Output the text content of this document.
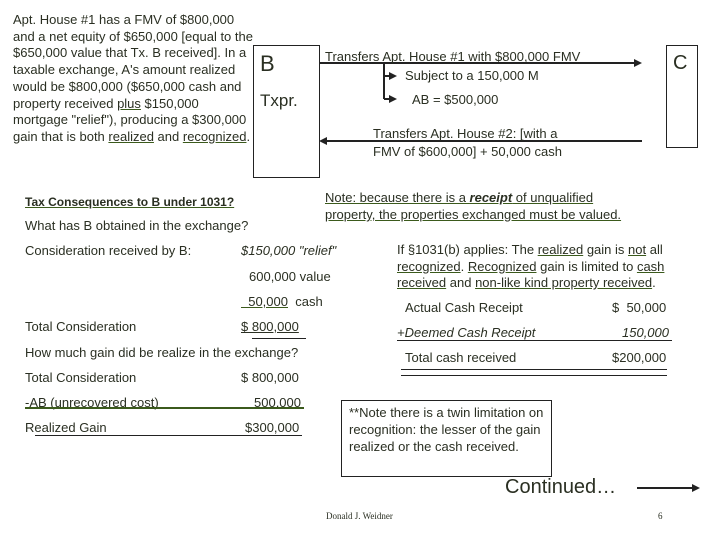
Apt. House #1 has a FMV of $800,000 and a net equity of $650,000 [equal to the $650,000 value that Tx. B received]. In a taxable exchange, A's amount realized would be $800,000 ($650,000 cash and property received plus $150,000 mortgage "relief"), producing a $300,000 gain that is both realized and recognized.
B
Txpr.
C
Transfers Apt. House #1 with $800,000 FMV
Subject to a 150,000 M
AB = $500,000
Transfers Apt. House #2: [with a
FMV of $600,000] + 50,000 cash
Tax Consequences to B under 1031?
What has B obtained in the exchange?
Consideration received by B:	$150,000 "relief"
600,000 value
50,000 cash
Total Consideration	$ 800,000
How much gain did be realize in the exchange?
Total Consideration	$ 800,000
-AB (unrecovered cost)	500,000
Realized Gain	$300,000
Note: because there is a receipt of unqualified
property, the properties exchanged must be valued.
If §1031(b) applies: The realized gain is not all
recognized. Recognized gain is limited to cash
received and non-like kind property received.
Actual Cash Receipt	$  50,000
+Deemed Cash Receipt	150,000
Total cash received	$200,000
**Note there is a twin limitation on recognition: the lesser of the gain realized or the cash received.
Continued…
Donald J. Weidner	6
